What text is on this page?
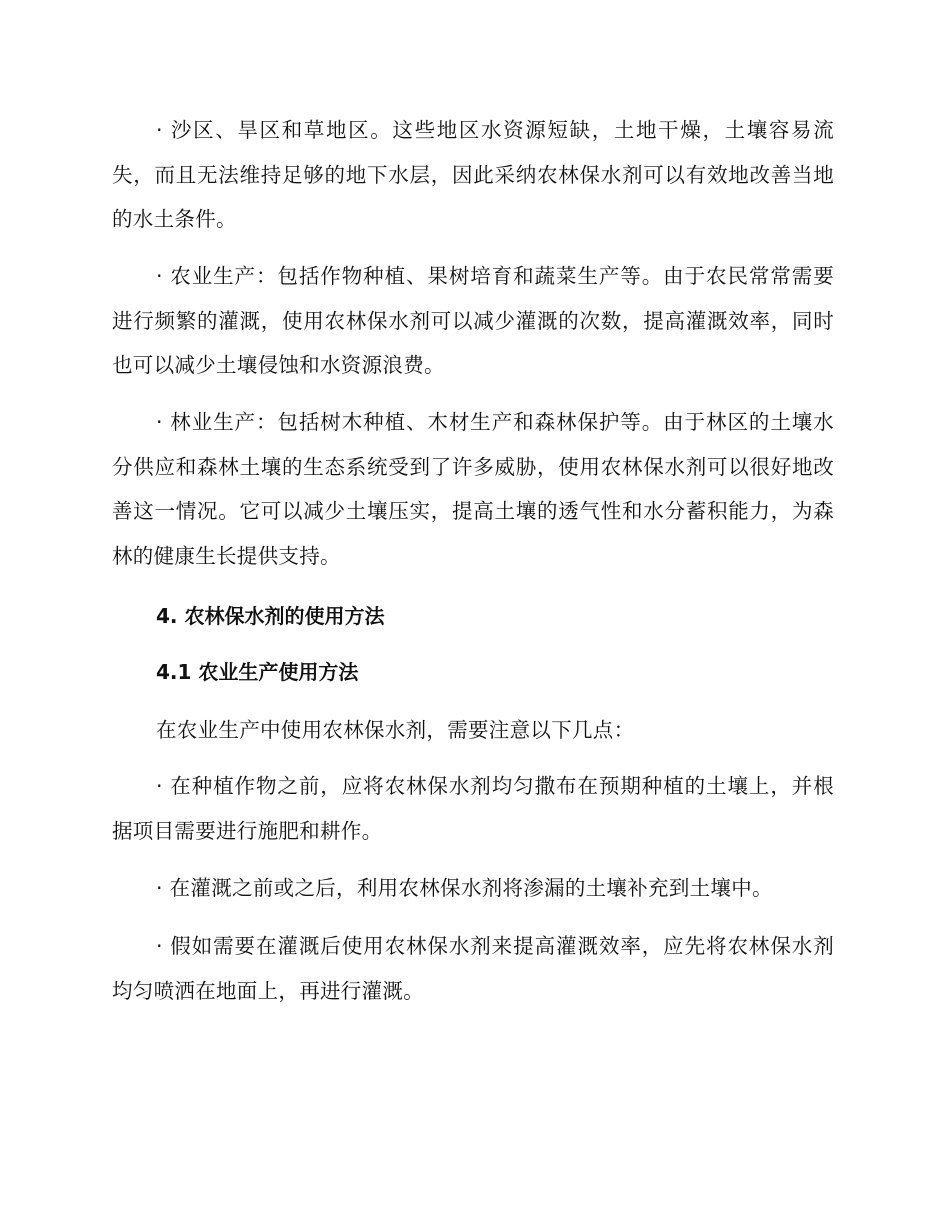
· 沙区、旱区和草地区。这些地区水资源短缺，土地干燥，土壤容易流失，而且无法维持足够的地下水层，因此采纳农林保水剂可以有效地改善当地的水土条件。

· 农业生产：包括作物种植、果树培育和蔬菜生产等。由于农民常常需要进行频繁的灌溉，使用农林保水剂可以减少灌溉的次数，提高灌溉效率，同时也可以减少土壤侵蚀和水资源浪费。

· 林业生产：包括树木种植、木材生产和森林保护等。由于林区的土壤水分供应和森林土壤的生态系统受到了许多威胁，使用农林保水剂可以很好地改善这一情况。它可以减少土壤压实，提高土壤的透气性和水分蓄积能力，为森林的健康生长提供支持。

4. 农林保水剂的使用方法
4.1 农业生产使用方法

在农业生产中使用农林保水剂，需要注意以下几点：

· 在种植作物之前，应将农林保水剂均匀撒布在预期种植的土壤上，并根据项目需要进行施肥和耕作。

· 在灌溉之前或之后，利用农林保水剂将渗漏的土壤补充到土壤中。

· 假如需要在灌溉后使用农林保水剂来提高灌溉效率，应先将农林保水剂均匀喷洒在地面上，再进行灌溉。
